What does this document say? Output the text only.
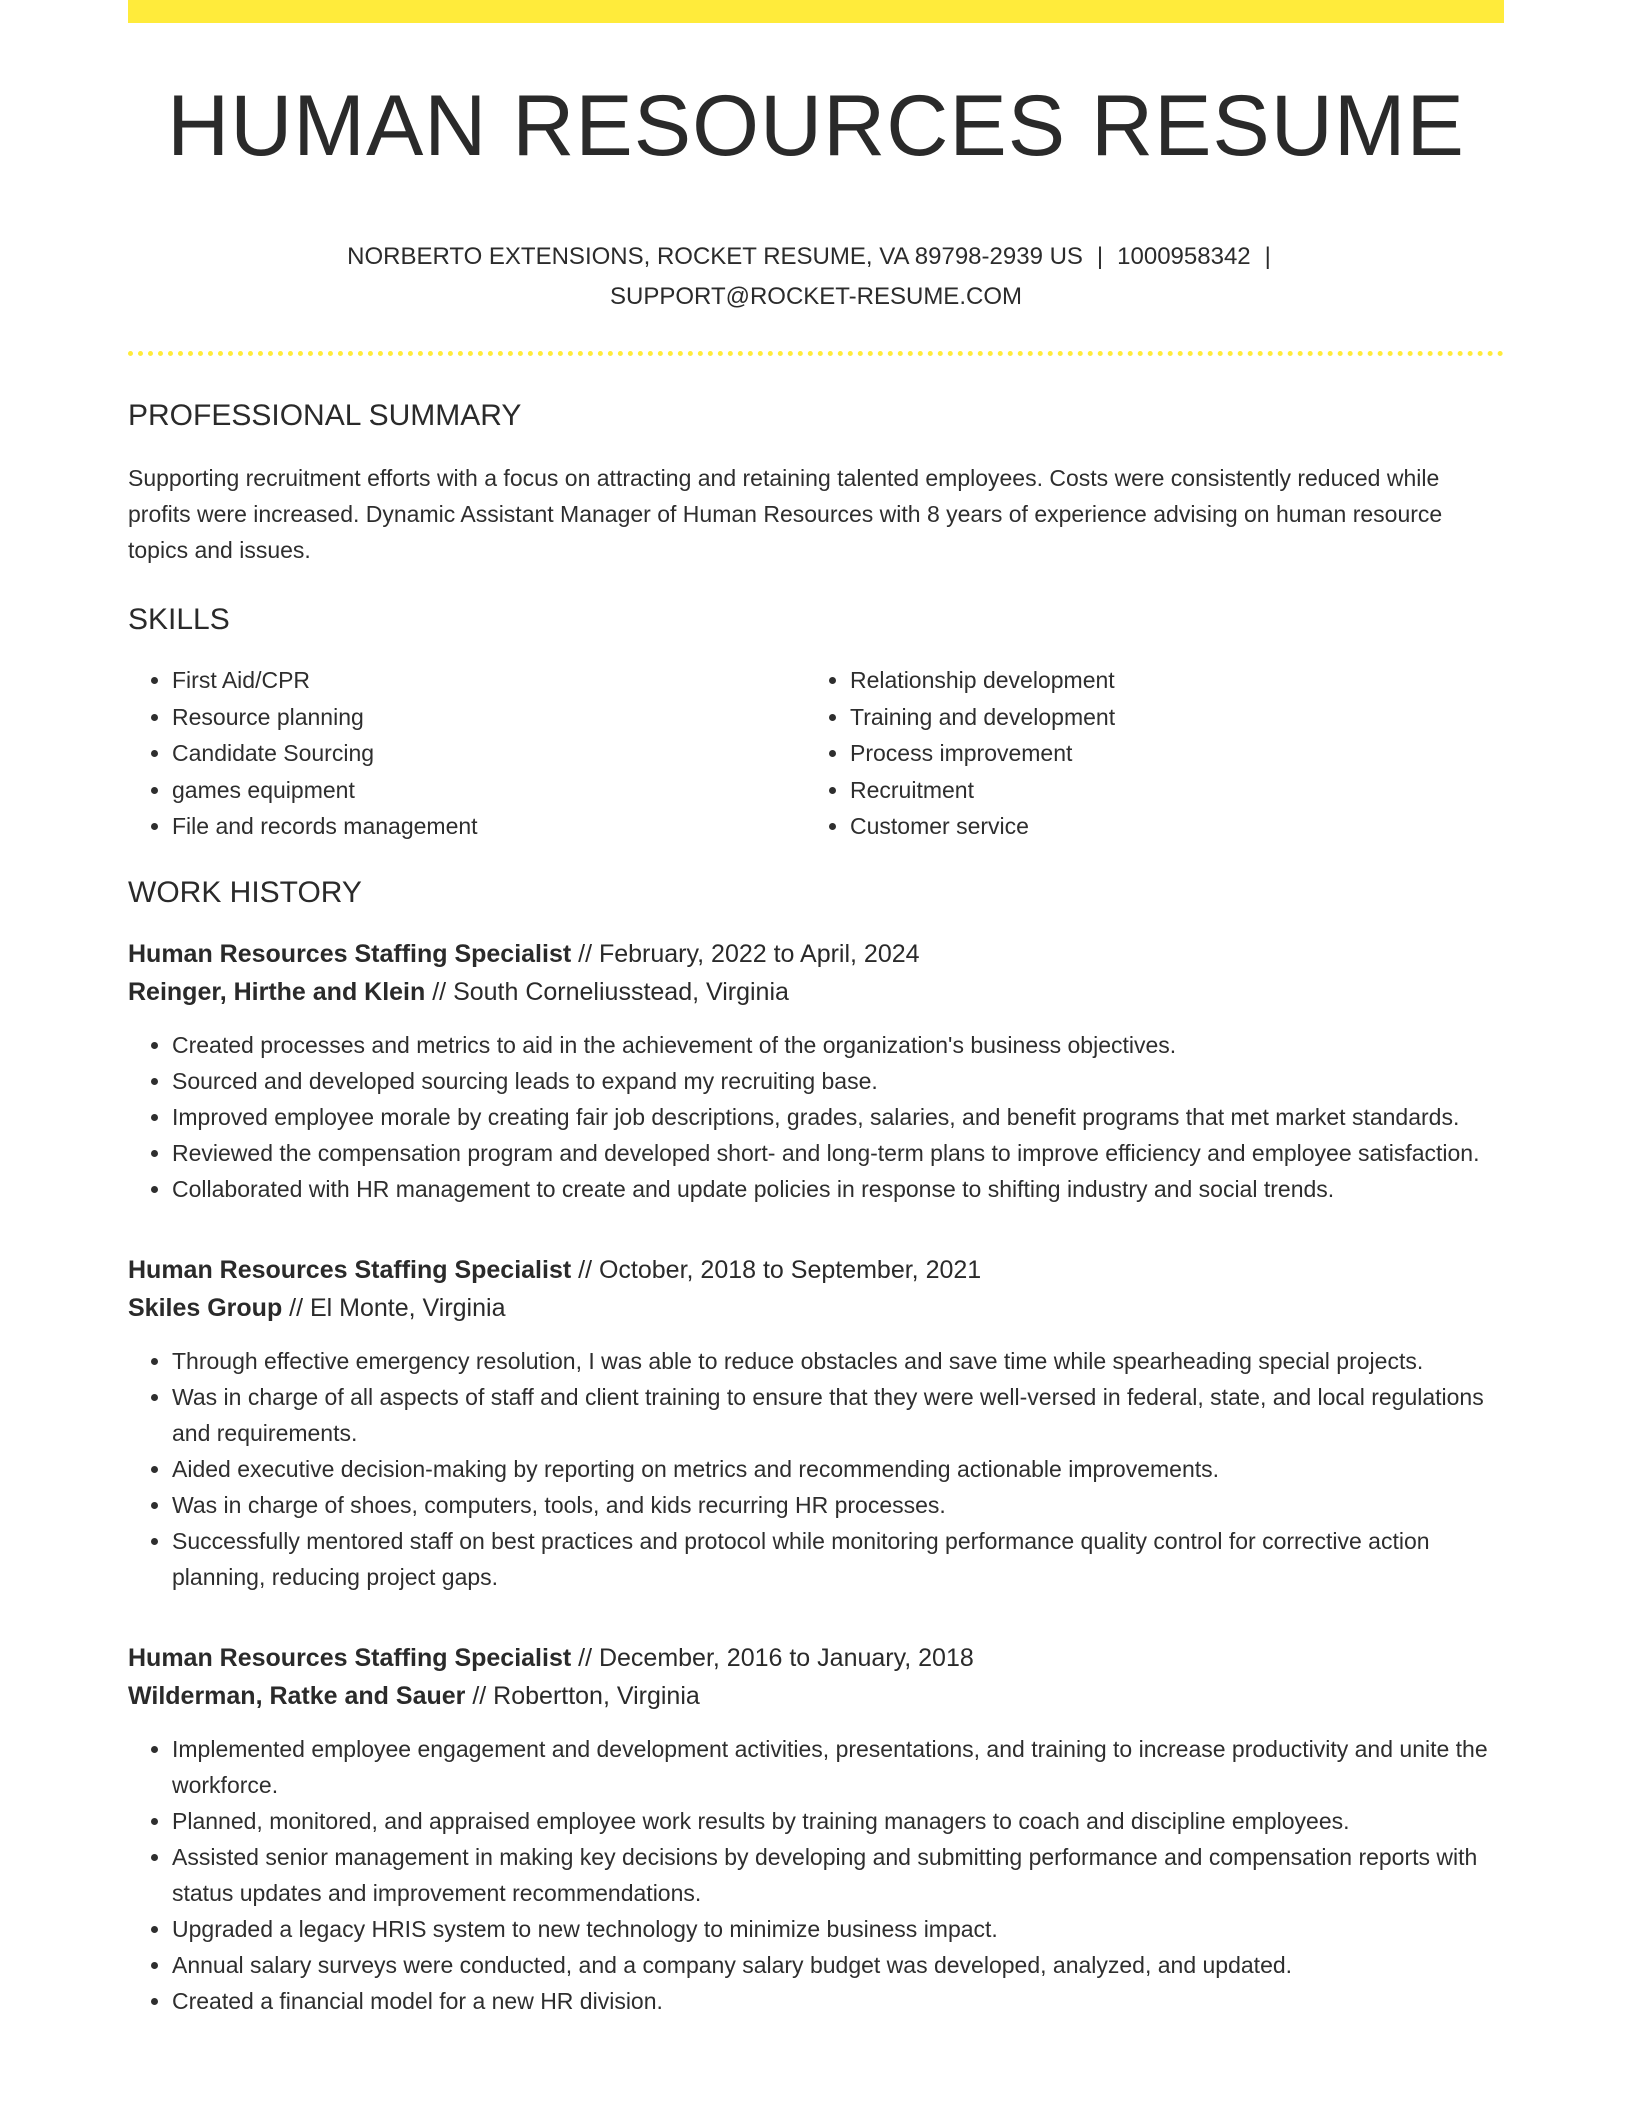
HUMAN RESOURCES RESUME
NORBERTO EXTENSIONS, ROCKET RESUME, VA 89798-2939 US | 1000958342 |
SUPPORT@ROCKET-RESUME.COM
PROFESSIONAL SUMMARY

Supporting recruitment efforts with a focus on attracting and retaining talented employees. Costs were consistently reduced while profits were increased. Dynamic Assistant Manager of Human Resources with 8 years of experience advising on human resource topics and issues.

SKILLS
• First Aid/CPR
• Resource planning
• Candidate Sourcing
• games equipment
• File and records management
• Relationship development
• Training and development
• Process improvement
• Recruitment
• Customer service
WORK HISTORY
Human Resources Staffing Specialist // February, 2022 to April, 2024
Reinger, Hirthe and Klein // South Corneliusstead, Virginia
• Created processes and metrics to aid in the achievement of the organization's business objectives.
• Sourced and developed sourcing leads to expand my recruiting base.
• Improved employee morale by creating fair job descriptions, grades, salaries, and benefit programs that met market standards.
• Reviewed the compensation program and developed short- and long-term plans to improve efficiency and employee satisfaction.
• Collaborated with HR management to create and update policies in response to shifting industry and social trends.
Human Resources Staffing Specialist // October, 2018 to September, 2021
Skiles Group // El Monte, Virginia
• Through effective emergency resolution, I was able to reduce obstacles and save time while spearheading special projects.
• Was in charge of all aspects of staff and client training to ensure that they were well-versed in federal, state, and local regulations and requirements.
• Aided executive decision-making by reporting on metrics and recommending actionable improvements.
• Was in charge of shoes, computers, tools, and kids recurring HR processes.
• Successfully mentored staff on best practices and protocol while monitoring performance quality control for corrective action planning, reducing project gaps.
Human Resources Staffing Specialist // December, 2016 to January, 2018
Wilderman, Ratke and Sauer // Robertton, Virginia
• Implemented employee engagement and development activities, presentations, and training to increase productivity and unite the workforce.
• Planned, monitored, and appraised employee work results by training managers to coach and discipline employees.
• Assisted senior management in making key decisions by developing and submitting performance and compensation reports with status updates and improvement recommendations.
• Upgraded a legacy HRIS system to new technology to minimize business impact.
• Annual salary surveys were conducted, and a company salary budget was developed, analyzed, and updated.
• Created a financial model for a new HR division.
